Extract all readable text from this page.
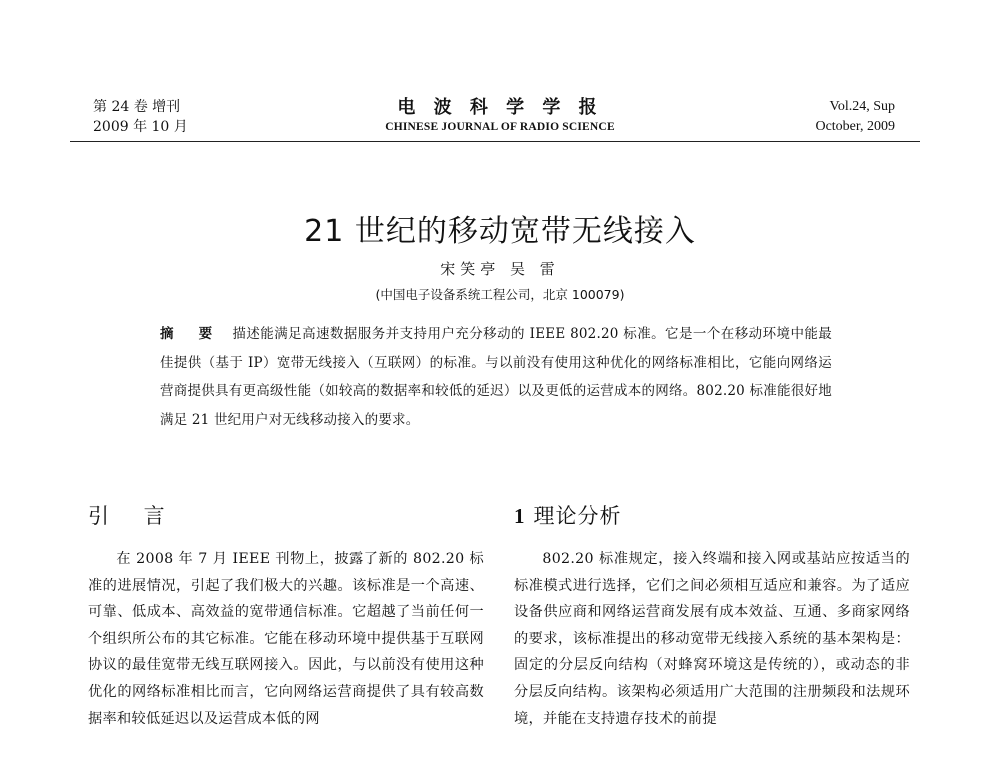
第 24 卷 增刊
2009 年 10 月
电 波 科 学 学 报
CHINESE JOURNAL OF RADIO SCIENCE
Vol.24, Sup
October, 2009
21 世纪的移动宽带无线接入
宋笑亭 吴 雷
(中国电子设备系统工程公司，北京 100079)
摘 要 描述能满足高速数据服务并支持用户充分移动的 IEEE 802.20 标准。它是一个在移动环境中能最佳提供（基于 IP）宽带无线接入（互联网）的标准。与以前没有使用这种优化的网络标准相比，它能向网络运营商提供具有更高级性能（如较高的数据率和较低的延迟）以及更低的运营成本的网络。802.20 标准能很好地满足 21 世纪用户对无线移动接入的要求。
引 言
在 2008 年 7 月 IEEE 刊物上，披露了新的 802.20 标准的进展情况，引起了我们极大的兴趣。该标准是一个高速、可靠、低成本、高效益的宽带通信标准。它超越了当前任何一个组织所公布的其它标准。它能在移动环境中提供基于互联网协议的最佳宽带无线互联网接入。因此，与以前没有使用这种优化的网络标准相比而言，它向网络运营商提供了具有较高数据率和较低延迟以及运营成本低的网
1 理论分析
802.20 标准规定，接入终端和接入网或基站应按适当的标准模式进行选择，它们之间必须相互适应和兼容。为了适应设备供应商和网络运营商发展有成本效益、互通、多商家网络的要求，该标准提出的移动宽带无线接入系统的基本架构是：固定的分层反向结构（对蜂窝环境这是传统的），或动态的非分层反向结构。该架构必须适用广大范围的注册频段和法规环境，并能在支持遗存技术的前提
